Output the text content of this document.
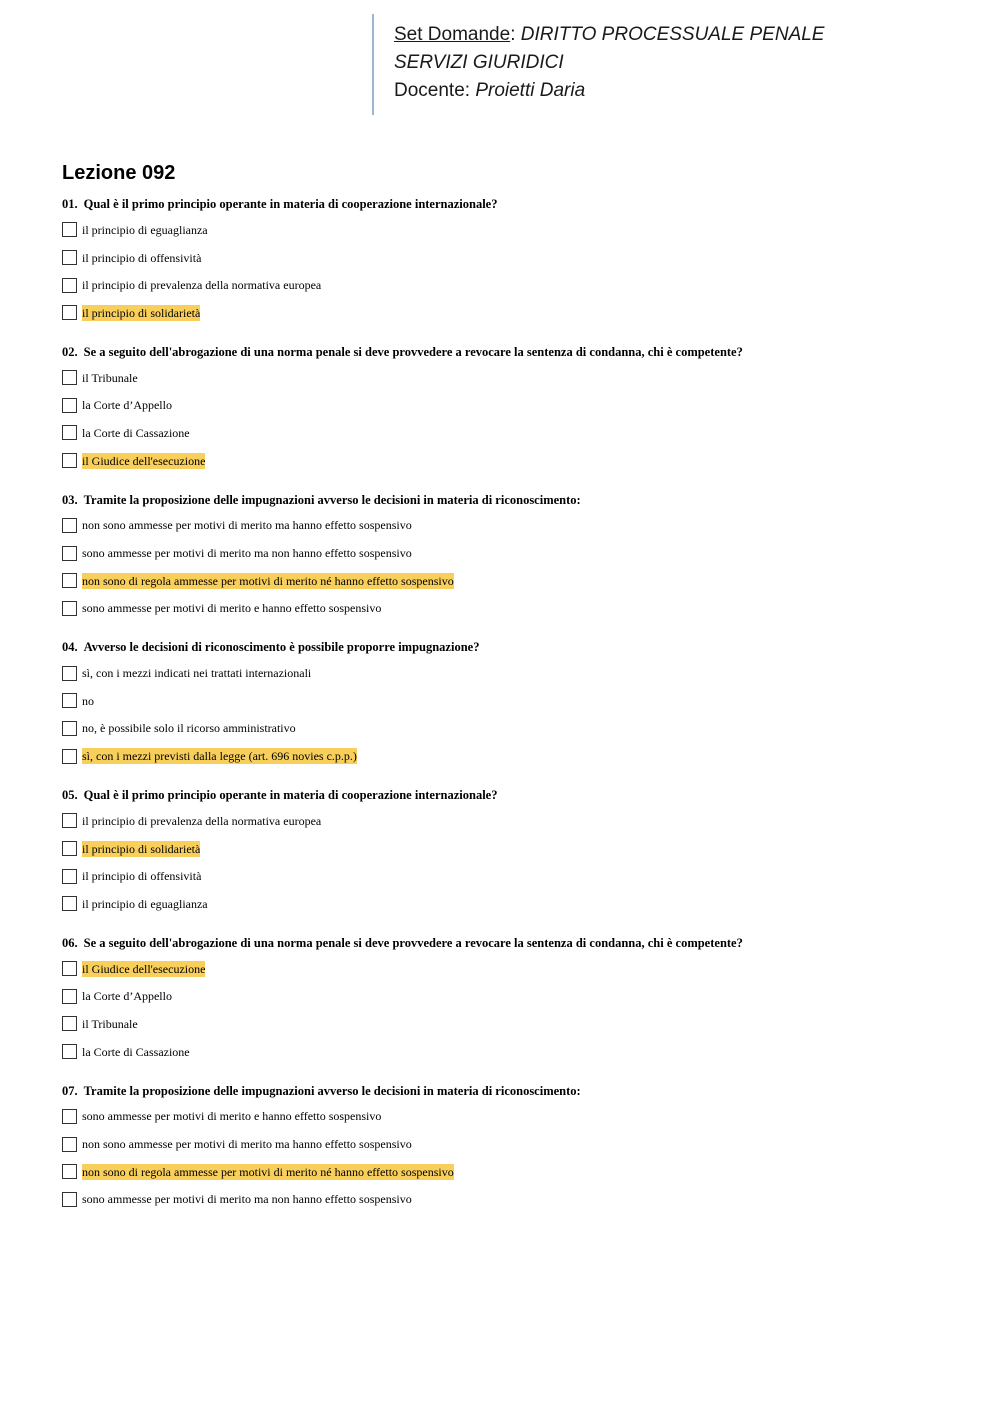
Set Domande: DIRITTO PROCESSUALE PENALE
SERVIZI GIURIDICI
Docente: Proietti Daria
Lezione 092
01. Qual è il primo principio operante in materia di cooperazione internazionale?
il principio di eguaglianza
il principio di offensività
il principio di prevalenza della normativa europea
il principio di solidarietà
02. Se a seguito dell'abrogazione di una norma penale si deve provvedere a revocare la sentenza di condanna, chi è competente?
il Tribunale
la Corte d’Appello
la Corte di Cassazione
il Giudice dell'esecuzione
03. Tramite la proposizione delle impugnazioni avverso le decisioni in materia di riconoscimento:
non sono ammesse per motivi di merito ma hanno effetto sospensivo
sono ammesse per motivi di merito ma non hanno effetto sospensivo
non sono di regola ammesse per motivi di merito né hanno effetto sospensivo
sono ammesse per motivi di merito e hanno effetto sospensivo
04. Avverso le decisioni di riconoscimento è possibile proporre impugnazione?
sì, con i mezzi indicati nei trattati internazionali
no
no, è possibile solo il ricorso amministrativo
sì, con i mezzi previsti dalla legge (art. 696 novies c.p.p.)
05. Qual è il primo principio operante in materia di cooperazione internazionale?
il principio di prevalenza della normativa europea
il principio di solidarietà
il principio di offensività
il principio di eguaglianza
06. Se a seguito dell'abrogazione di una norma penale si deve provvedere a revocare la sentenza di condanna, chi è competente?
il Giudice dell'esecuzione
la Corte d’Appello
il Tribunale
la Corte di Cassazione
07. Tramite la proposizione delle impugnazioni avverso le decisioni in materia di riconoscimento:
sono ammesse per motivi di merito e hanno effetto sospensivo
non sono ammesse per motivi di merito ma hanno effetto sospensivo
non sono di regola ammesse per motivi di merito né hanno effetto sospensivo
sono ammesse per motivi di merito ma non hanno effetto sospensivo
